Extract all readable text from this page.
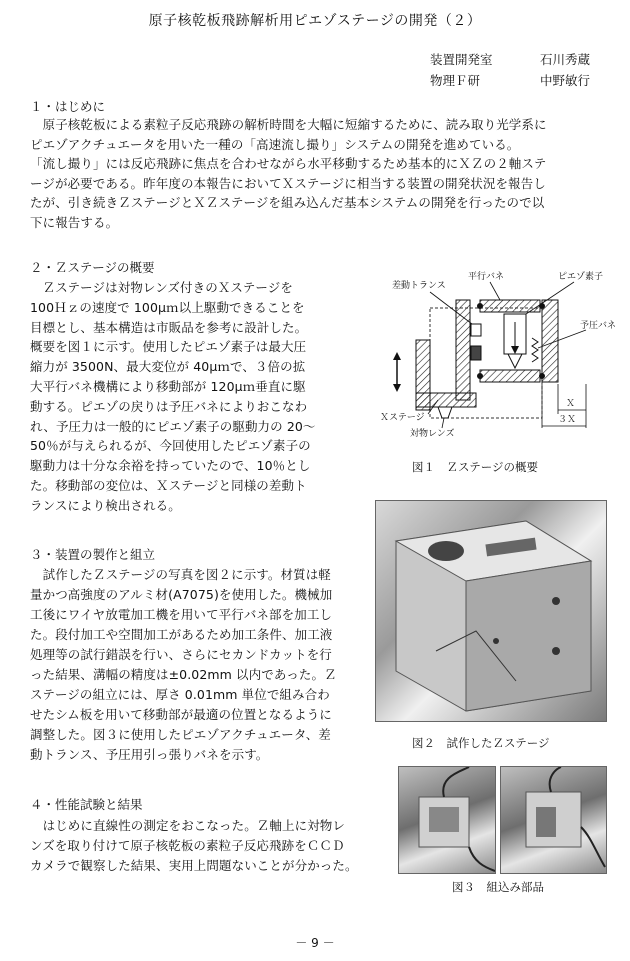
原子核乾板飛跡解析用ピエゾステージの開発（２）
装置開発室	石川秀蔵
物理Ｆ研	中野敏行
１・はじめに
　原子核乾板による素粒子反応飛跡の解析時間を大幅に短縮するために、読み取り光学系に
ピエゾアクチュエータを用いた一種の「高速流し撮り」システムの開発を進めている。
「流し撮り」には反応飛跡に焦点を合わせながら水平移動するため基本的にＸＺの２軸ステ
ージが必要である。昨年度の本報告においてＸステージに相当する装置の開発状況を報告し
たが、引き続きＺステージとＸＺステージを組み込んだ基本システムの開発を行ったので以
下に報告する。
２・Ｚステージの概要
　Ｚステージは対物レンズ付きのＸステージを
100Ｈｚの速度で 100μｍ以上駆動できることを
目標とし、基本構造は市販品を参考に設計した。
概要を図１に示す。使用したピエゾ素子は最大圧
縮力が 3500N、最大変位が 40μｍで、３倍の拡
大平行バネ機構により移動部が 120μｍ垂直に駆
動する。ピエゾの戻りは予圧バネによりおこなわ
れ、予圧力は一般的にピエゾ素子の駆動力の 20～
50％が与えられるが、今回使用したピエゾ素子の
駆動力は十分な余裕を持っていたので、10％とし
た。移動部の変位は、Ｘステージと同様の差動ト
ランスにより検出される。
平行バネ	ピエゾ素子
差動トランス
予圧バネ
Ｘステージ
対物レンズ
Ｘ
３Ｘ
図１　Ｚステージの概要
３・装置の製作と組立
　試作したＺステージの写真を図２に示す。材質は軽
量かつ高強度のアルミ材(A7075)を使用した。機械加
工後にワイヤ放電加工機を用いて平行バネ部を加工し
た。段付加工や空間加工があるため加工条件、加工液
処理等の試行錯誤を行い、さらにセカンドカットを行
った結果、溝幅の精度は±0.02mm 以内であった。Ｚ
ステージの組立には、厚さ 0.01mm 単位で組み合わ
せたシム板を用いて移動部が最適の位置となるように
調整した。図３に使用したピエゾアクチュエータ、差
動トランス、予圧用引っ張りバネを示す。
図２　試作したＺステージ
４・性能試験と結果
　はじめに直線性の測定をおこなった。Ｚ軸上に対物レ
ンズを取り付けて原子核乾板の素粒子反応飛跡をＣＣＤ
カメラで観察した結果、実用上問題ないことが分かった。
図３　組込み部品
－ 9 －
